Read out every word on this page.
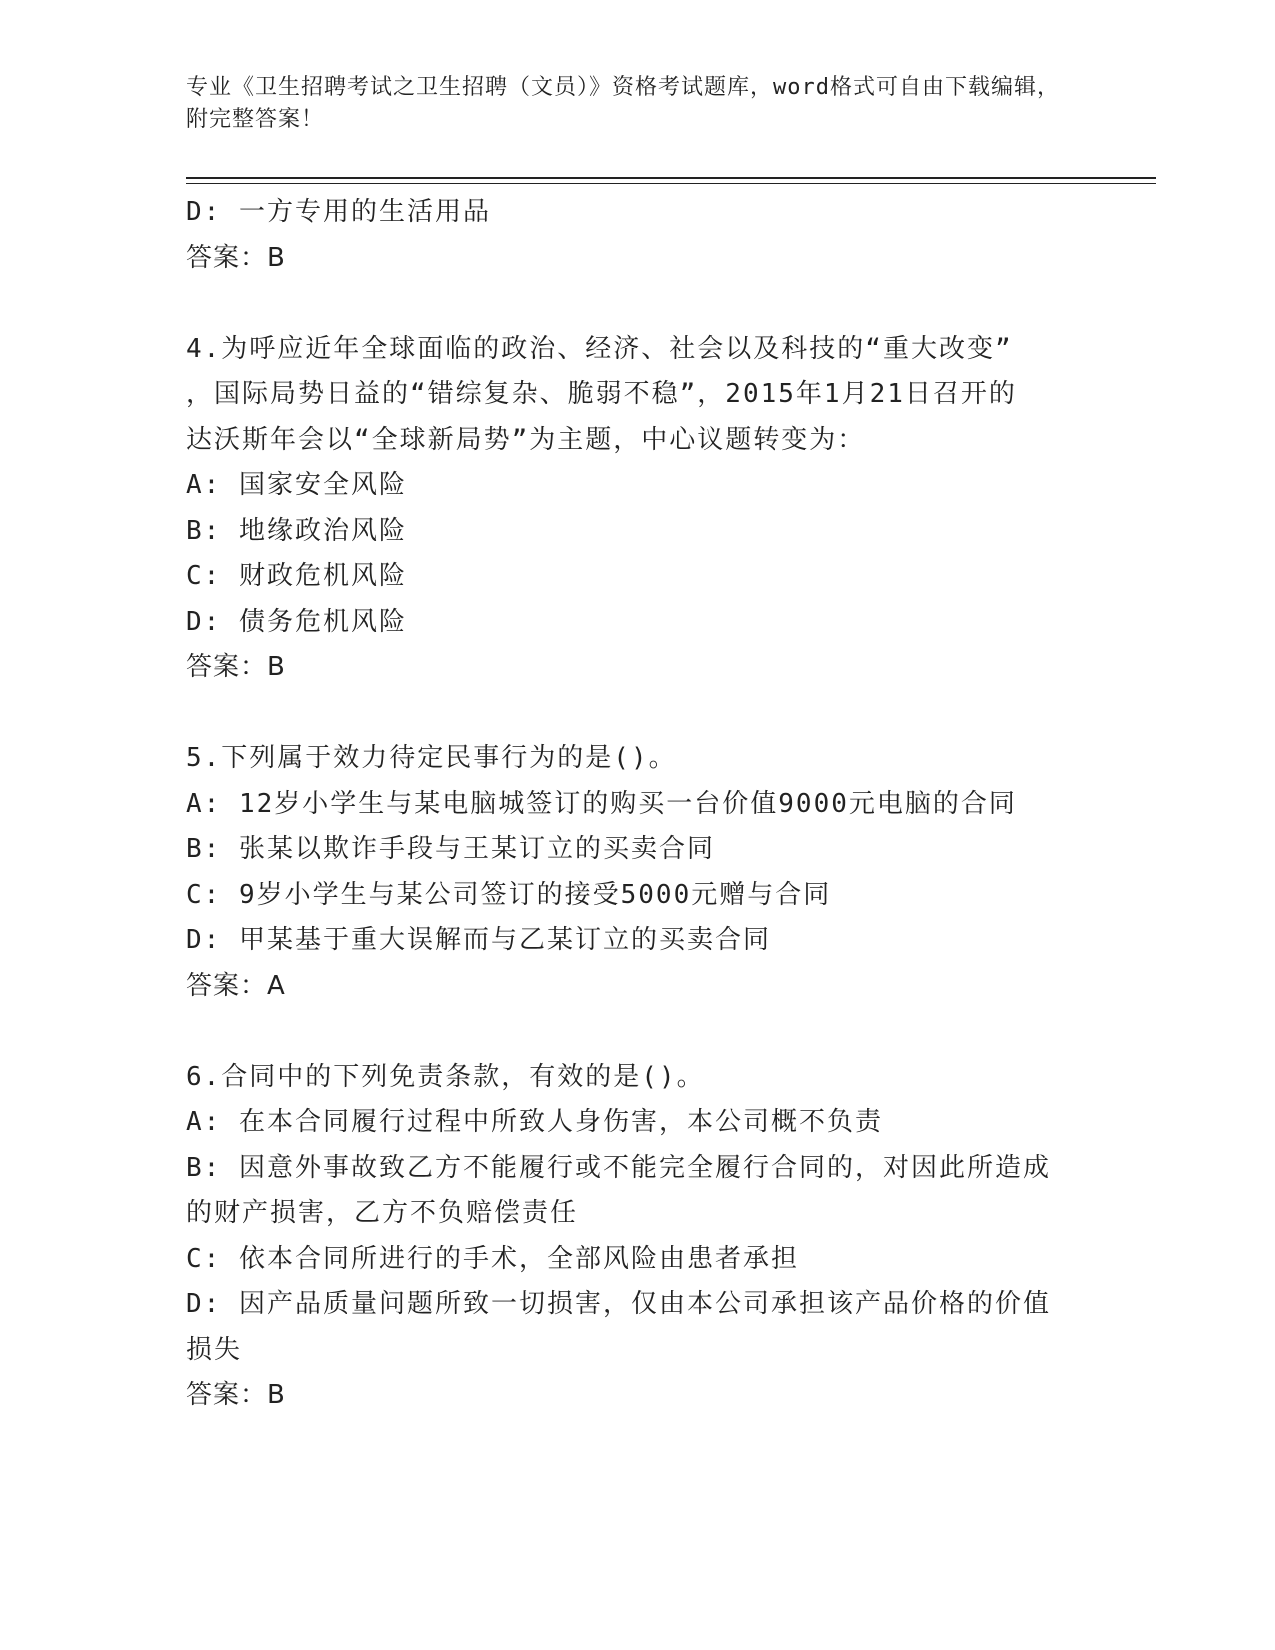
专业《卫生招聘考试之卫生招聘（文员）》资格考试题库，word格式可自由下载编辑，附完整答案！
D: 一方专用的生活用品
答案：B
4.为呼应近年全球面临的政治、经济、社会以及科技的“重大改变”
，国际局势日益的“错综复杂、脆弱不稳”，2015年1月21日召开的
达沃斯年会以“全球新局势”为主题，中心议题转变为：
A: 国家安全风险
B: 地缘政治风险
C: 财政危机风险
D: 债务危机风险
答案：B
5.下列属于效力待定民事行为的是()。
A: 12岁小学生与某电脑城签订的购买一台价值9000元电脑的合同
B: 张某以欺诈手段与王某订立的买卖合同
C: 9岁小学生与某公司签订的接受5000元赠与合同
D: 甲某基于重大误解而与乙某订立的买卖合同
答案：A
6.合同中的下列免责条款，有效的是()。
A: 在本合同履行过程中所致人身伤害，本公司概不负责
B: 因意外事故致乙方不能履行或不能完全履行合同的，对因此所造成
的财产损害，乙方不负赔偿责任
C: 依本合同所进行的手术，全部风险由患者承担
D: 因产品质量问题所致一切损害，仅由本公司承担该产品价格的价值
损失
答案：B
